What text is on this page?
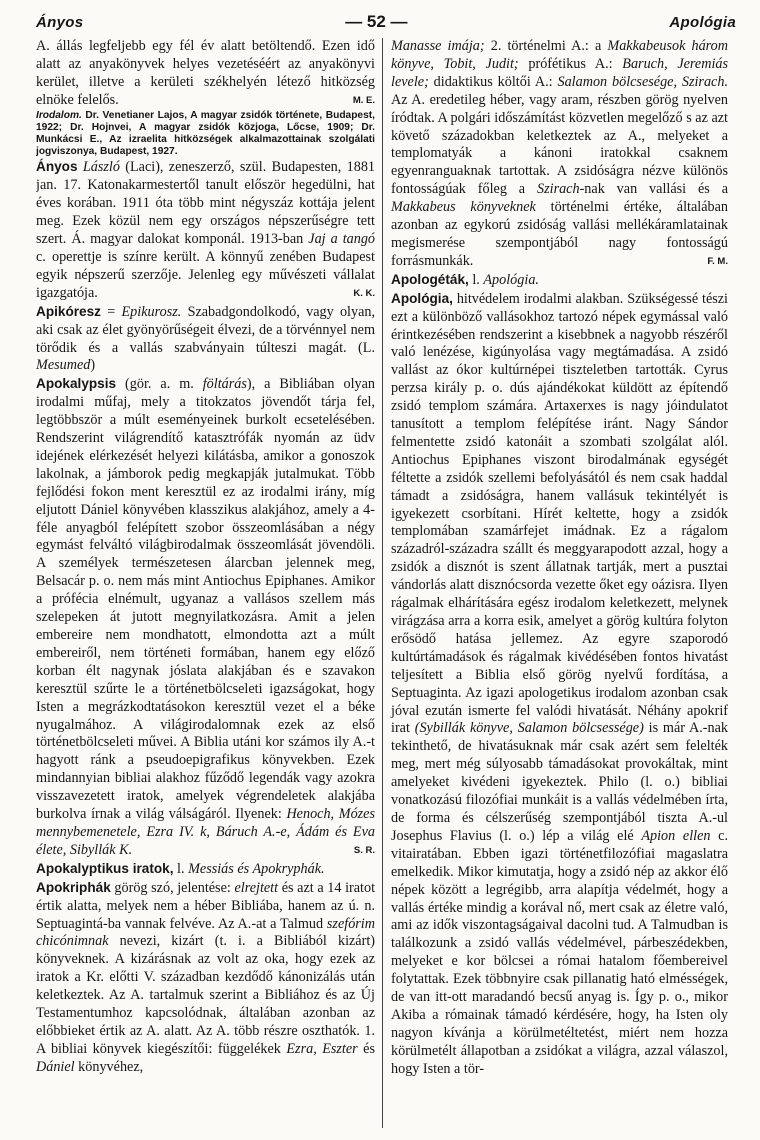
Ányos	— 52 —	Apológia

A. állás legfeljebb egy fél év alatt betöltendő. Ezen idő alatt az anyakönyvek helyes vezetéséért az anyakönyvi kerület, illetve a kerületi székhelyén létező hitközség elnöke felelős.	M. E.

Irodalom. Dr. Venetianer Lajos, A magyar zsidók története, Budapest, 1922; Dr. Hojnvei, A magyar zsidók közjoga, Lőcse, 1909; Dr. Munkácsi E., Az izraelita hitközségek alkalmazottainak szolgálati jogviszonya, Budapest, 1927.

Ányos László (Laci), zeneszerző, szül. Budapesten, 1881 jan. 17. Katonakarmestertől tanult először hegedülni, hat éves korában. 1911 óta több mint négyszáz kottája jelent meg. Ezek közül nem egy országos népszerűségre tett szert. Á. magyar dalokat komponál. 1913-ban Jaj a tangó c. operettje is színre került. A könnyű zenében Budapest egyik népszerű szerzője. Jelenleg egy művészeti vállalat igazgatója.	K. K.

Apikóresz = Epikurosz. Szabadgondolkodó, vagy olyan, aki csak az élet gyönyörűségeit élvezi, de a törvénnyel nem törődik és a vallás szabványain túlteszi magát. (L. Mesumed)

Apokalypsis (gör. a. m. föltárás), a Bibliában olyan irodalmi műfaj, mely a titokzatos jövendőt tárja fel, legtöbbször a múlt eseményeinek burkolt ecsetelésében. Rendszerint világrendítő katasztrófák nyomán az üdv idejének elérkezését helyezi kilátásba, amikor a gonoszok lakolnak, a jámborok pedig megkapják jutalmukat. Több fejlődési fokon ment keresztül ez az irodalmi irány, míg eljutott Dániel könyvében klasszikus alakjához, amely a 4-féle anyagból felépített szobor összeomlásában a négy egymást felváltó világbirodalmak összeomlását jövendöli. A személyek természetesen álarcban jelennek meg, Belsacár p. o. nem más mint Antiochus Epiphanes. Amikor a prófécia elnémult, ugyanaz a vallásos szellem más szelepeken át jutott megnyilatkozásra. Amit a jelen embereire nem mondhatott, elmondotta azt a múlt embereiről, nem történeti formában, hanem egy előző korban élt nagynak jóslata alakjában és e szavakon keresztül szűrte le a történetbölcseleti igazságokat, hogy Isten a megrázkodtatásokon keresztül vezet el a béke nyugalmához. A világirodalomnak ezek az első történetbölcseleti művei. A Biblia utáni kor számos ily A.-t hagyott ránk a pseudoepigrafikus könyvekben. Ezek mindannyian bibliai alakhoz fűződő legendák vagy azokra visszavezetett iratok, amelyek végrendeletek alakjába burkolva írnak a világ válságáról. Ilyenek: Henoch, Mózes mennybemenetele, Ezra IV. k, Báruch A.-e, Ádám és Eva élete, Sibyllák K.	S. R.

Apokalyptikus iratok, l. Messiás és Apokryphák.

Apokriphák görög szó, jelentése: elrejtett és azt a 14 iratot értik alatta, melyek nem a héber Bibliába, hanem az ú. n. Septuagintá-ba vannak felvéve. Az A.-at a Talmud szefórim chicónimnak nevezi, kizárt (t. i. a Bibliából kizárt) könyveknek. A kizárásnak az volt az oka, hogy ezek az iratok a Kr. előtti V. században kezdődő kánonizálás után keletkeztek. Az A. tartalmuk szerint a Bibliához és az Új Testamentumhoz kapcsolódnak, általában azonban az előbbieket értik az A. alatt. Az A. több részre oszthatók. 1. A bibliai könyvek kiegészítői: függelékek Ezra, Eszter és Dániel könyvéhez,

Manasse imája; 2. történelmi A.: a Makkabeusok három könyve, Tobit, Judit; prófétikus A.: Baruch, Jeremiás levele; didaktikus költői A.: Salamon bölcsesége, Szirach. Az A. eredetileg héber, vagy aram, részben görög nyelven íródtak. A polgári időszámítást közvetlen megelőző s az azt követő századokban keletkeztek az A., melyeket a templomatyák a kánoni iratokkal csaknem egyenranguaknak tartottak. A zsidóságra nézve különös fontosságúak főleg a Szirach-nak van vallási és a Makkabeus könyveknek történelmi értéke, általában azonban az egykorú zsidóság vallási mellékáramlatainak megismerése szempontjából nagy fontosságú forrásmunkák.	F. M.

Apologéták, l. Apológia.

Apológia, hitvédelem irodalmi alakban. Szükségessé tészi ezt a különböző vallásokhoz tartozó népek egymással való érintkezésében rendszerint a kisebbnek a nagyobb részéről való lenézése, kigúnyolása vagy megtámadása. A zsidó vallást az ókor kultúrnépei tiszteletben tartották. Cyrus perzsa király p. o. dús ajándékokat küldött az építendő zsidó templom számára. Artaxerxes is nagy jóindulatot tanusított a templom felépítése iránt. Nagy Sándor felmentette zsidó katonáit a szombati szolgálat alól. Antiochus Epiphanes viszont birodalmának egységét féltette a zsidók szellemi befolyásától és nem csak haddal támadt a zsidóságra, hanem vallásuk tekintélyét is igyekezett csorbítani. Hírét keltette, hogy a zsidók templomában szamárfejet imádnak. Ez a rágalom századról-századra szállt és meggyarapodott azzal, hogy a zsidók a disznót is szent állatnak tartják, mert a pusztai vándorlás alatt disznócsorda vezette őket egy oázisra. Ilyen rágalmak elhárítására egész irodalom keletkezett, melynek virágzása arra a korra esik, amelyet a görög kultúra folyton erősödő hatása jellemez. Az egyre szaporodó kultúrtámadások és rágalmak kivédésében fontos hivatást teljesített a Biblia első görög nyelvű fordítása, a Septuaginta. Az igazi apologetikus irodalom azonban csak jóval ezután ismerte fel valódi hivatását. Néhány apokrif irat (Sybillák könyve, Salamon bölcsessége) is már A.-nak tekinthető, de hivatásuknak már csak azért sem felelték meg, mert még súlyosabb támadásokat provokáltak, mint amelyeket kivédeni igyekeztek. Philo (l. o.) bibliai vonatkozású filozófiai munkáit is a vallás védelmében írta, de forma és célszerűség szempontjából tiszta A.-ul Josephus Flavius (l. o.) lép a világ elé Apion ellen c. vitairatában. Ebben igazi történetfilozófiai magaslatra emelkedik. Mikor kimutatja, hogy a zsidó nép az akkor élő népek között a legrégibb, arra alapítja védelmét, hogy a vallás értéke mindig a korával nő, mert csak az életre való, ami az idők viszontagságaival dacolni tud. A Talmudban is találkozunk a zsidó vallás védelmével, párbeszédekben, melyeket e kor bölcsei a római hatalom főembereivel folytattak. Ezek többnyire csak pillanatig ható elmésségek, de van itt-ott maradandó becsű anyag is. Így p. o., mikor Akiba a rómainak támadó kérdésére, hogy, ha Isten oly nagyon kívánja a körülmetéltetést, miért nem hozza körülmetélt állapotban a zsidókat a világra, azzal válaszol, hogy Isten a tör-
